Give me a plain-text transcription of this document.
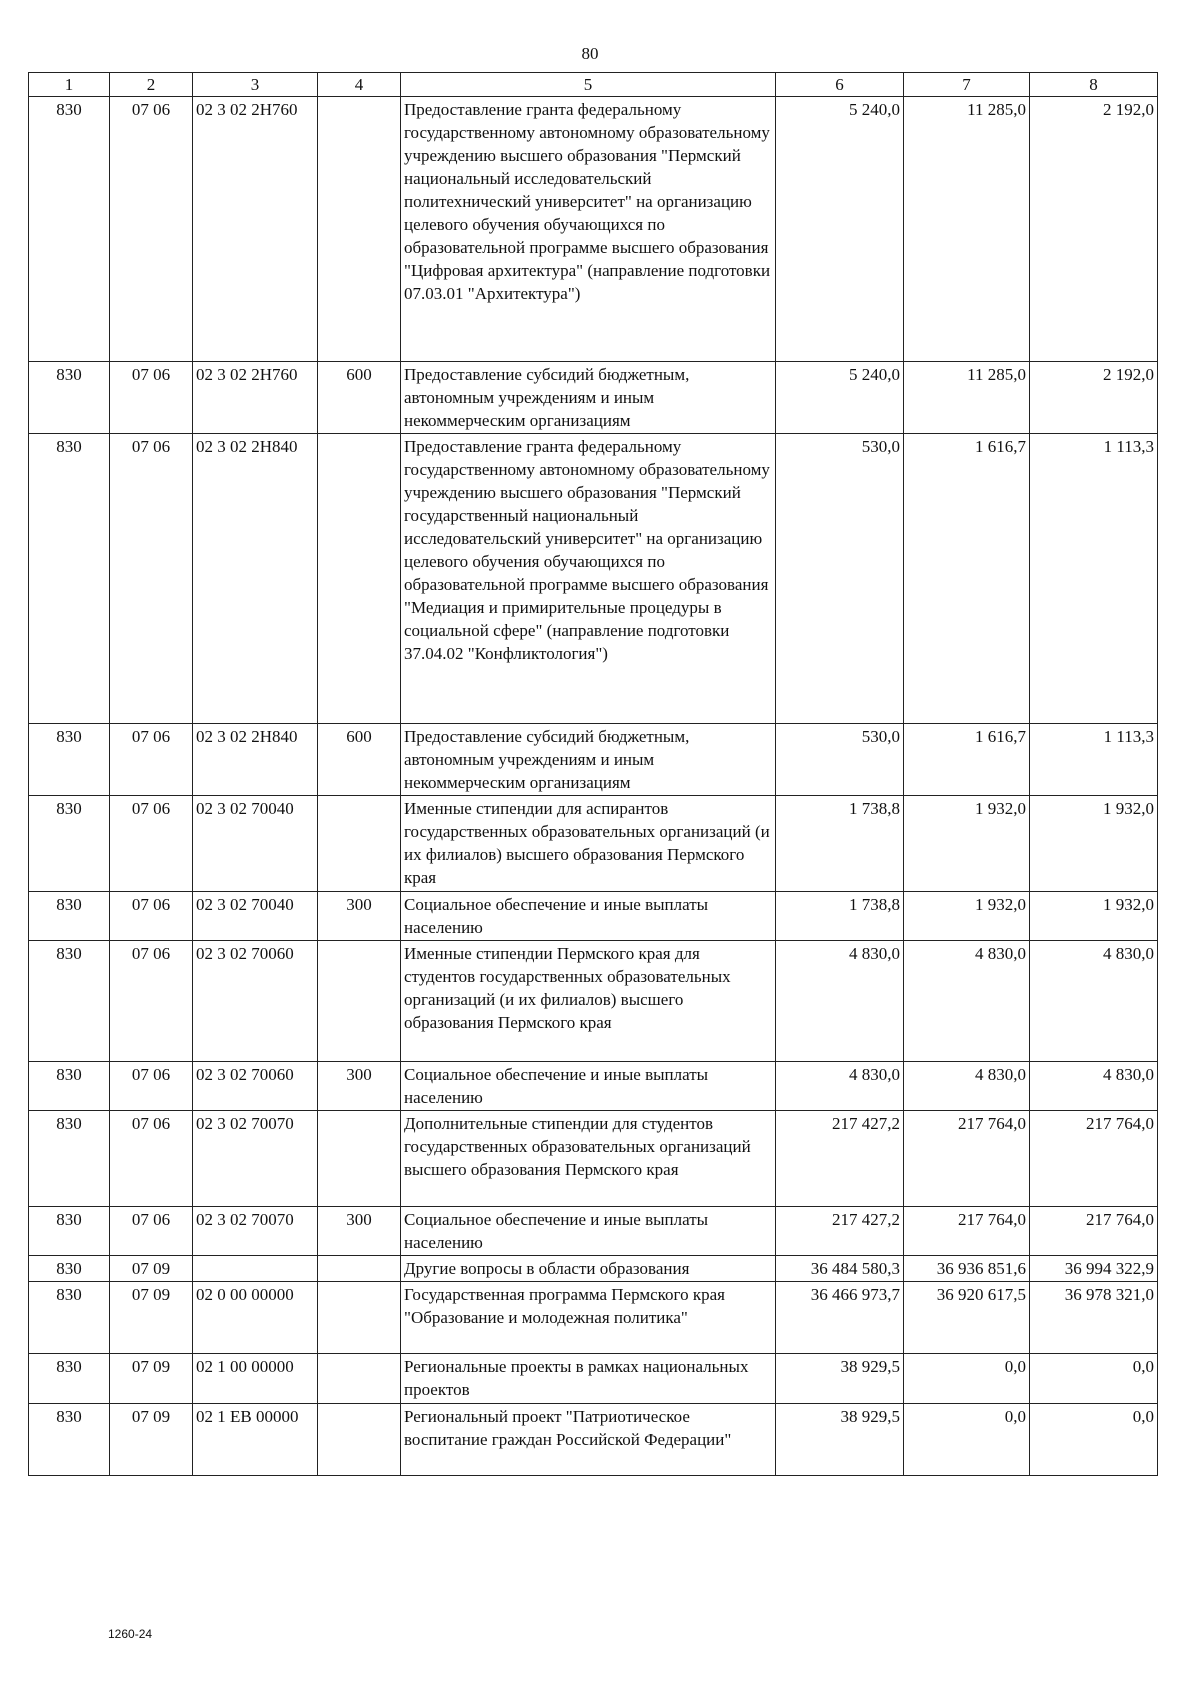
80
1	2	3	4	5	6	7	8
830	07 06	02 3 02 2Н760		Предоставление гранта федеральному государственному автономному образовательному учреждению высшего образования "Пермский национальный исследовательский политехнический университет" на организацию целевого обучения обучающихся по образовательной программе высшего образования "Цифровая архитектура" (направление подготовки 07.03.01 "Архитектура")	5 240,0	11 285,0	2 192,0
830	07 06	02 3 02 2Н760	600	Предоставление субсидий бюджетным, автономным учреждениям и иным некоммерческим организациям	5 240,0	11 285,0	2 192,0
830	07 06	02 3 02 2Н840		Предоставление гранта федеральному государственному автономному образовательному учреждению высшего образования "Пермский государственный национальный исследовательский университет" на организацию целевого обучения обучающихся по образовательной программе высшего образования "Медиация и примирительные процедуры в социальной сфере" (направление подготовки 37.04.02 "Конфликтология")	530,0	1 616,7	1 113,3
830	07 06	02 3 02 2Н840	600	Предоставление субсидий бюджетным, автономным учреждениям и иным некоммерческим организациям	530,0	1 616,7	1 113,3
830	07 06	02 3 02 70040		Именные стипендии для аспирантов государственных образовательных организаций (и их филиалов) высшего образования Пермского края	1 738,8	1 932,0	1 932,0
830	07 06	02 3 02 70040	300	Социальное обеспечение и иные выплаты населению	1 738,8	1 932,0	1 932,0
830	07 06	02 3 02 70060		Именные стипендии Пермского края для студентов государственных образовательных организаций (и их филиалов) высшего образования Пермского края	4 830,0	4 830,0	4 830,0
830	07 06	02 3 02 70060	300	Социальное обеспечение и иные выплаты населению	4 830,0	4 830,0	4 830,0
830	07 06	02 3 02 70070		Дополнительные стипендии для студентов государственных образовательных организаций высшего образования Пермского края	217 427,2	217 764,0	217 764,0
830	07 06	02 3 02 70070	300	Социальное обеспечение и иные выплаты населению	217 427,2	217 764,0	217 764,0
830	07 09			Другие вопросы в области образования	36 484 580,3	36 936 851,6	36 994 322,9
830	07 09	02 0 00 00000		Государственная программа Пермского края "Образование и молодежная политика"	36 466 973,7	36 920 617,5	36 978 321,0
830	07 09	02 1 00 00000		Региональные проекты в рамках национальных проектов	38 929,5	0,0	0,0
830	07 09	02 1 ЕВ 00000		Региональный проект "Патриотическое воспитание граждан Российской Федерации"	38 929,5	0,0	0,0
1260-24
